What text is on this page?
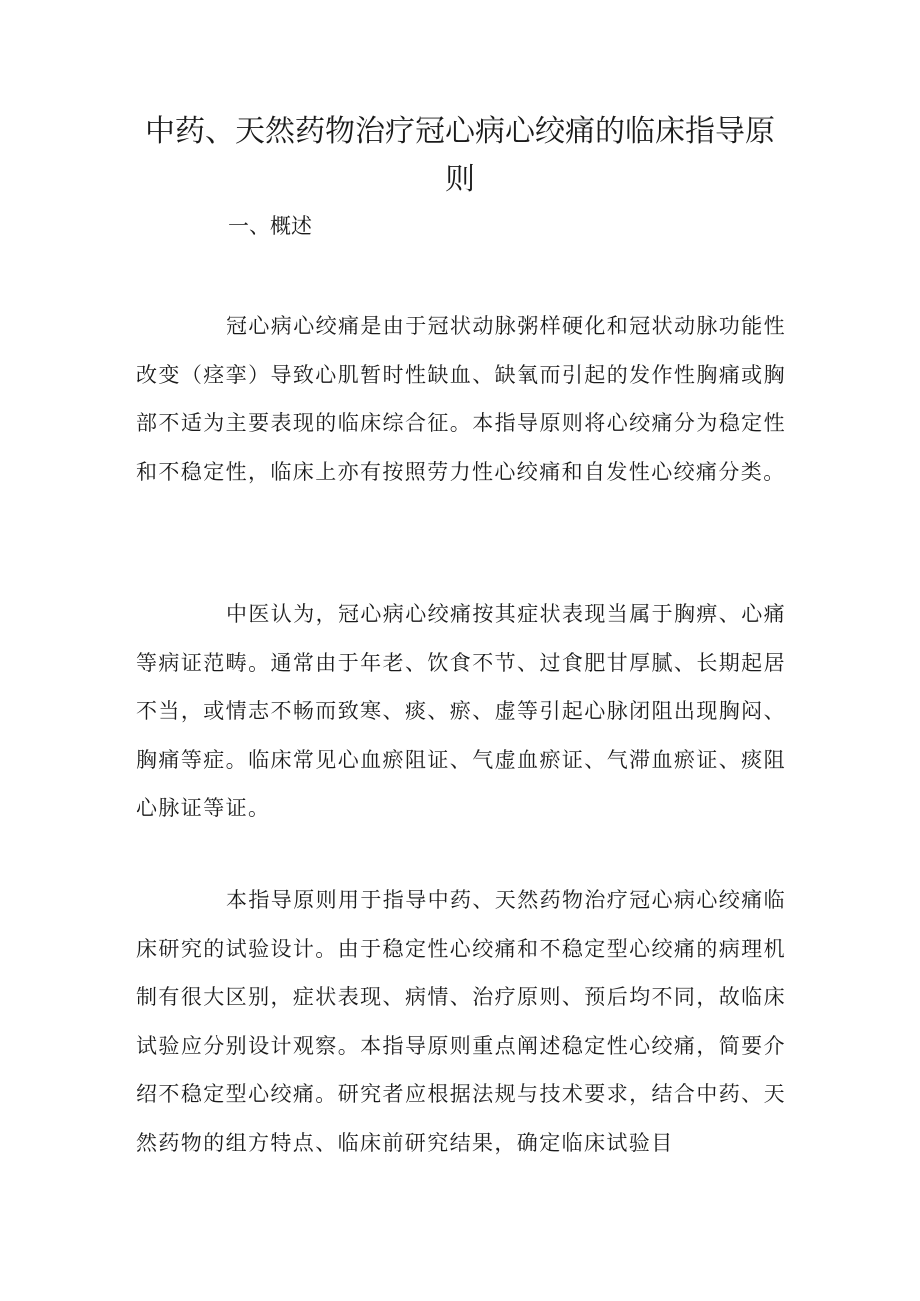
中药、天然药物治疗冠心病心绞痛的临床指导原则
一、概述

冠心病心绞痛是由于冠状动脉粥样硬化和冠状动脉功能性改变（痉挛）导致心肌暂时性缺血、缺氧而引起的发作性胸痛或胸部不适为主要表现的临床综合征。本指导原则将心绞痛分为稳定性和不稳定性，临床上亦有按照劳力性心绞痛和自发性心绞痛分类。

中医认为，冠心病心绞痛按其症状表现当属于胸痹、心痛等病证范畴。通常由于年老、饮食不节、过食肥甘厚腻、长期起居不当，或情志不畅而致寒、痰、瘀、虚等引起心脉闭阻出现胸闷、胸痛等症。临床常见心血瘀阻证、气虚血瘀证、气滞血瘀证、痰阻心脉证等证。

本指导原则用于指导中药、天然药物治疗冠心病心绞痛临床研究的试验设计。由于稳定性心绞痛和不稳定型心绞痛的病理机制有很大区别，症状表现、病情、治疗原则、预后均不同，故临床试验应分别设计观察。本指导原则重点阐述稳定性心绞痛，简要介绍不稳定型心绞痛。研究者应根据法规与技术要求，结合中药、天然药物的组方特点、临床前研究结果，确定临床试验目
